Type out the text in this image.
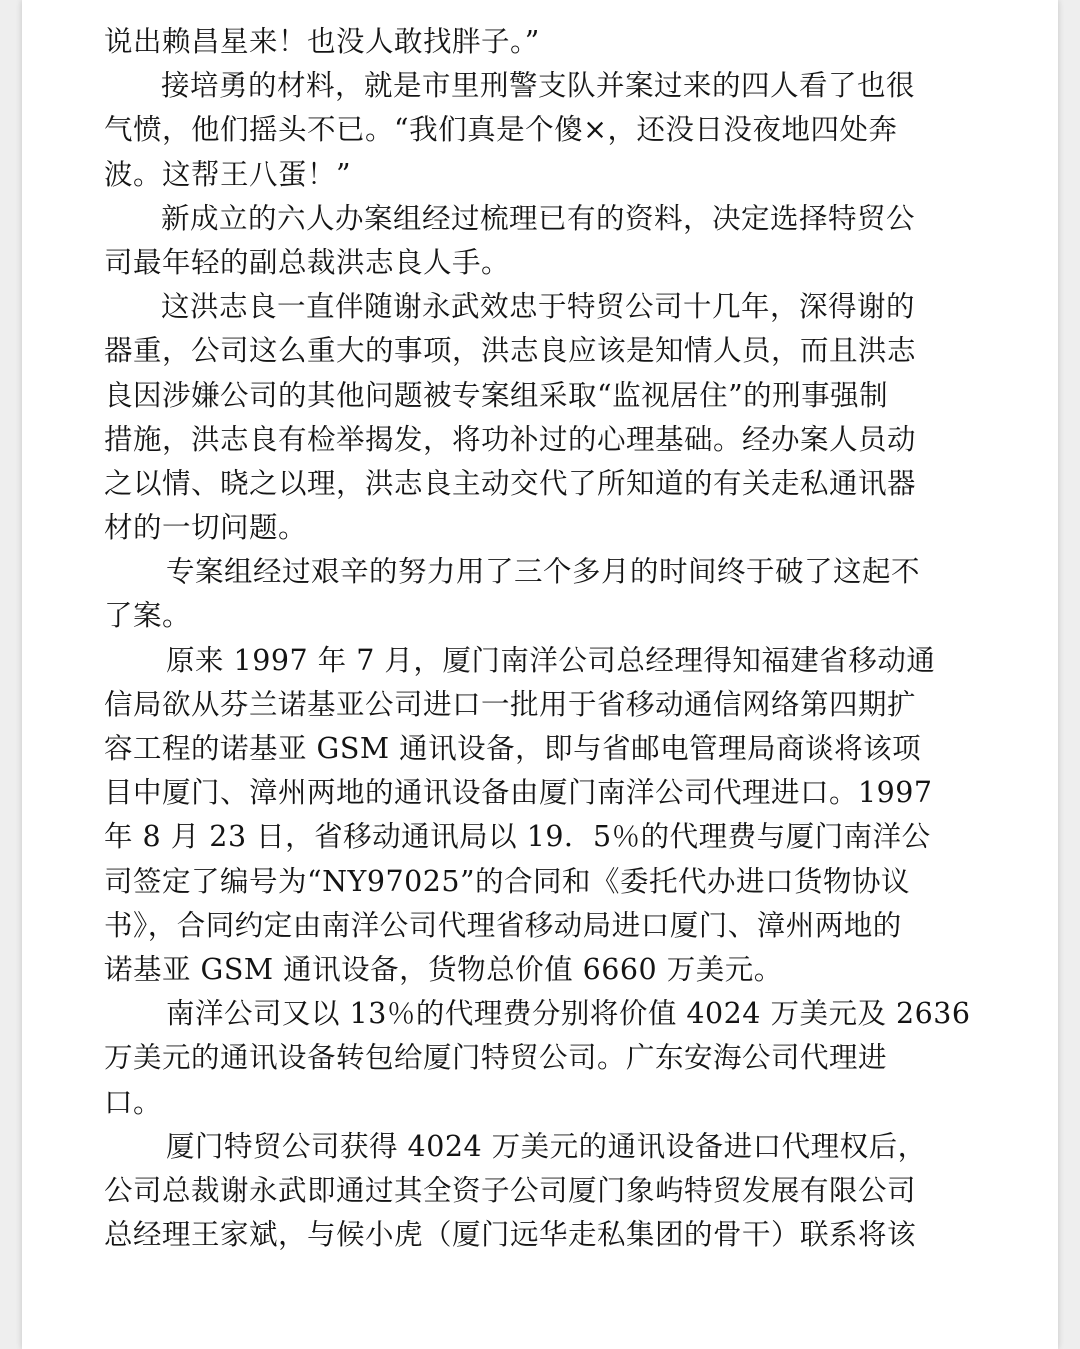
说出赖昌星来！也没人敢找胖子。”
接培勇的材料，就是市里刑警支队并案过来的四人看了也很
气愤，他们摇头不已。“我们真是个傻×，还没日没夜地四处奔
波。这帮王八蛋！”
新成立的六人办案组经过梳理已有的资料，决定选择特贸公
司最年轻的副总裁洪志良人手。
这洪志良一直伴随谢永武效忠于特贸公司十几年，深得谢的
器重，公司这么重大的事项，洪志良应该是知情人员，而且洪志
良因涉嫌公司的其他问题被专案组采取“监视居住”的刑事强制
措施，洪志良有检举揭发，将功补过的心理基础。经办案人员动
之以情、晓之以理，洪志良主动交代了所知道的有关走私通讯器
材的一切问题。
专案组经过艰辛的努力用了三个多月的时间终于破了这起不
了案。
原来 1997 年 7 月，厦门南洋公司总经理得知福建省移动通
信局欲从芬兰诺基亚公司进口一批用于省移动通信网络第四期扩
容工程的诺基亚 GSM 通讯设备，即与省邮电管理局商谈将该项
目中厦门、漳州两地的通讯设备由厦门南洋公司代理进口。1997
年 8 月 23 日，省移动通讯局以 19．5％的代理费与厦门南洋公
司签定了编号为“NY97025”的合同和《委托代办进口货物协议
书》，合同约定由南洋公司代理省移动局进口厦门、漳州两地的
诺基亚 GSM 通讯设备，货物总价值 6660 万美元。
南洋公司又以 13％的代理费分别将价值 4024 万美元及 2636
万美元的通讯设备转包给厦门特贸公司。广东安海公司代理进
口。
厦门特贸公司获得 4024 万美元的通讯设备进口代理权后，
公司总裁谢永武即通过其全资子公司厦门象屿特贸发展有限公司
总经理王家斌，与候小虎（厦门远华走私集团的骨干）联系将该
